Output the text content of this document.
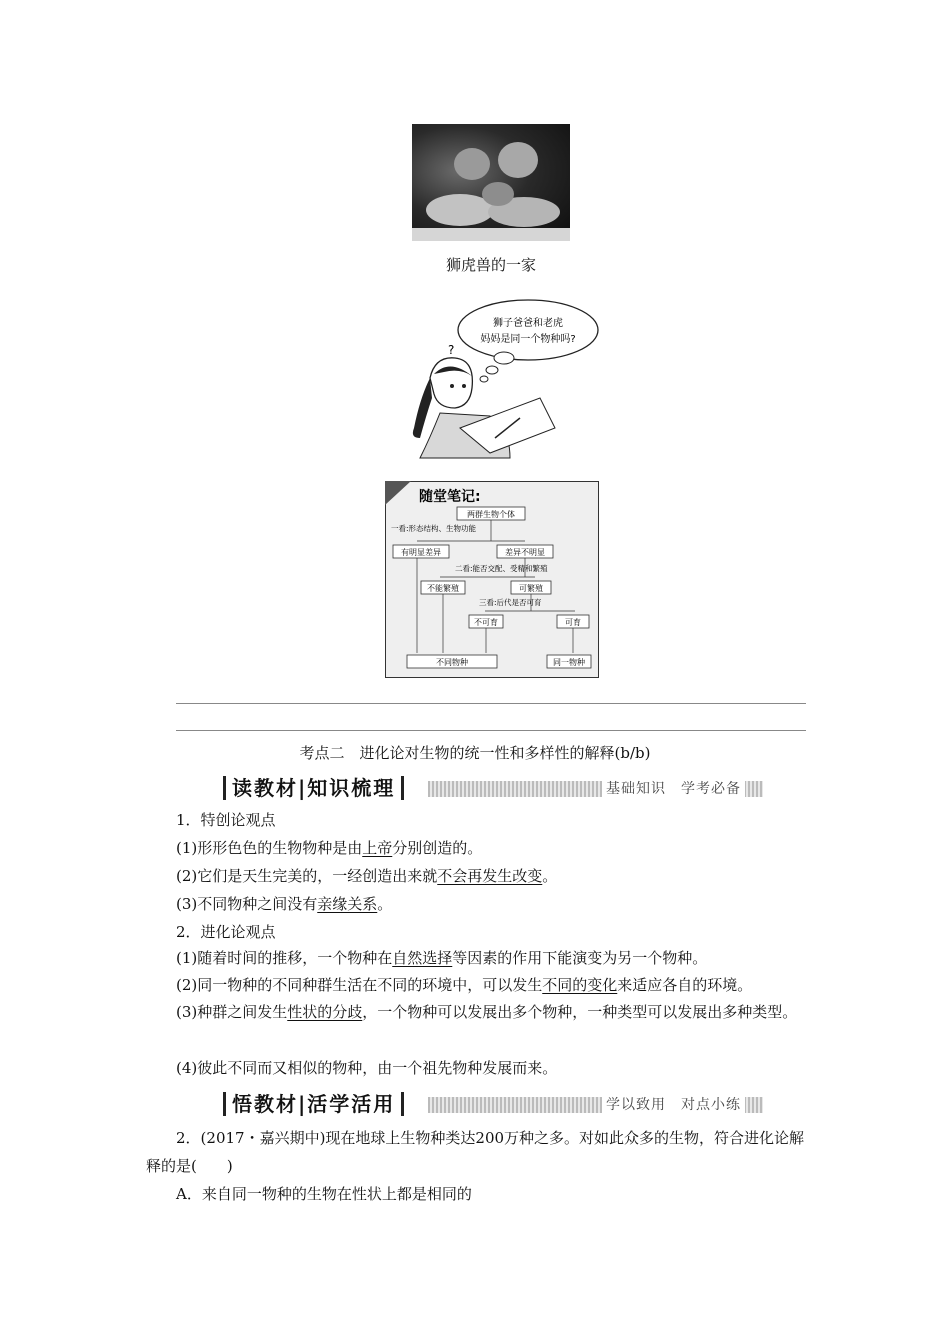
狮虎兽的一家
狮子爸爸和老虎
妈妈是同一个物种吗?
?
随堂笔记:
两群生物个体
一看:形态结构、生物功能
有明显差异	差异不明显
二看:能否交配、受精和繁殖
不能繁殖	可繁殖
三看:后代是否可育
不可育	可育
不同物种	同一物种
考点二　进化论对生物的统一性和多样性的解释(b/b)
读教材|知识梳理	基础知识　学考必备
1．特创论观点
(1)形形色色的生物物种是由上帝分别创造的。
(2)它们是天生完美的，一经创造出来就不会再发生改变。
(3)不同物种之间没有亲缘关系。
2．进化论观点
(1)随着时间的推移，一个物种在自然选择等因素的作用下能演变为另一个物种。
(2)同一物种的不同种群生活在不同的环境中，可以发生不同的变化来适应各自的环境。
(3)种群之间发生性状的分歧，一个物种可以发展出多个物种，一种类型可以发展出多种类型。
(4)彼此不同而又相似的物种，由一个祖先物种发展而来。
悟教材|活学活用	学以致用　对点小练
2．(2017・嘉兴期中)现在地球上生物种类达200万种之多。对如此众多的生物，符合进化论解释的是(　　)
A．来自同一物种的生物在性状上都是相同的
